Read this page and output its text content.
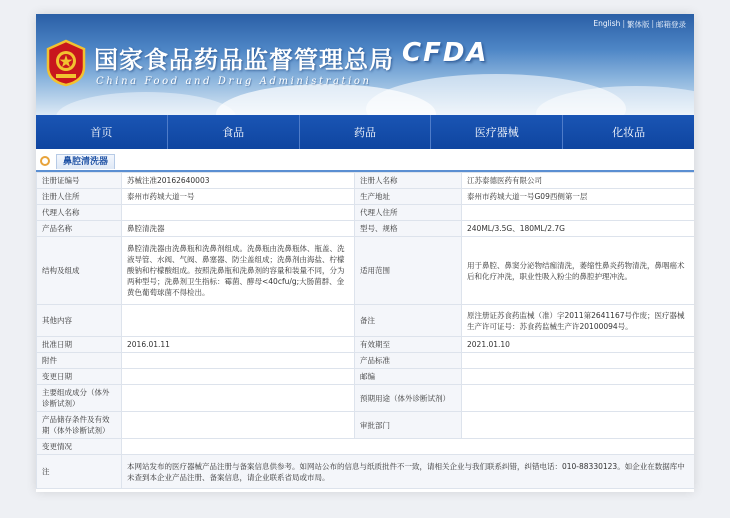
English | 繁体版 | 邮箱登录
国家食品药品监督管理总局
China Food and Drug Administration
CFDA
首页	食品	药品	医疗器械	化妆品
鼻腔清洗器
注册证编号	苏械注准20162640003	注册人名称	江苏泰德医药有限公司
注册人住所	泰州市药城大道一号	生产地址	泰州市药城大道一号G09西侧第一层
代理人名称		代理人住所	
产品名称	鼻腔清洗器	型号、规格	240ML/3.5G、180ML/2.7G
结构及组成	鼻腔清洗器由洗鼻瓶和洗鼻剂组成。洗鼻瓶由洗鼻瓶体、瓶盖、洗液导管、水阀、气阀、鼻塞器、防尘盖组成；洗鼻剂由海盐、柠檬酸钠和柠檬酸组成。按照洗鼻瓶和洗鼻剂的容量和装量不同，分为两种型号；洗鼻剂卫生指标：霉菌、酵母<40cfu/g;大肠菌群、金黄色葡萄球菌不得检出。	适用范围	用于鼻腔、鼻窦分泌物结痂清洗，萎缩性鼻炎药物清洗，鼻咽癌术后和化疗冲洗，职业性吸入粉尘的鼻腔护理冲洗。
其他内容		备注	原注册证苏食药监械（准）字2011第2641167号作废；医疗器械生产许可证号：苏食药监械生产许20100094号。
批准日期	2016.01.11	有效期至	2021.01.10
附件		产品标准	
变更日期		邮编	
主要组成成分（体外诊断试剂）		预期用途（体外诊断试剂）	
产品储存条件及有效期（体外诊断试剂）		审批部门	
变更情况			
注	本网站发布的医疗器械产品注册与备案信息供参考。如网站公布的信息与纸质批件不一致，请相关企业与我们联系纠错，纠错电话：010-88330123。如企业在数据库中未查到本企业产品注册、备案信息，请企业联系省局或市局。		
